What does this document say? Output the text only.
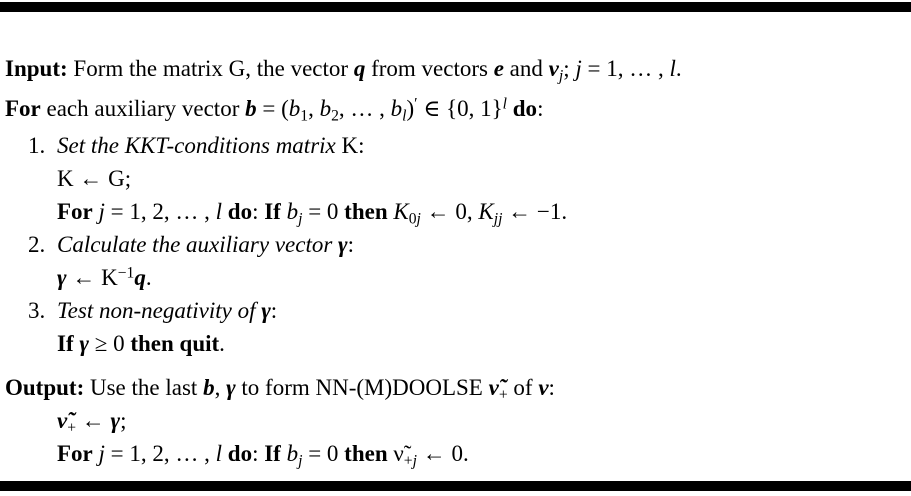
Input: Form the matrix G, the vector q from vectors e and vj; j = 1, … , l.
For each auxiliary vector b = (b1, b2, … , bl)′ ∈ {0, 1}$^l$ do:
1. Set the KKT-conditions matrix K:
K ← G;
For j = 1, 2, … , l do: If bj = 0 then K0j ← 0, Kjj ← −1.
2. Calculate the auxiliary vector γ:
γ ← $K^{-1}q$.
3. Test non-negativity of γ:
If γ ≥ 0 then quit.
Output: Use the last b, γ to form NN-(M)DOOLSE ν̃+ of ν:
ν̃+ ← γ;
For j = 1, 2, … , l do: If bj = 0 then ν̃+j ← 0.
